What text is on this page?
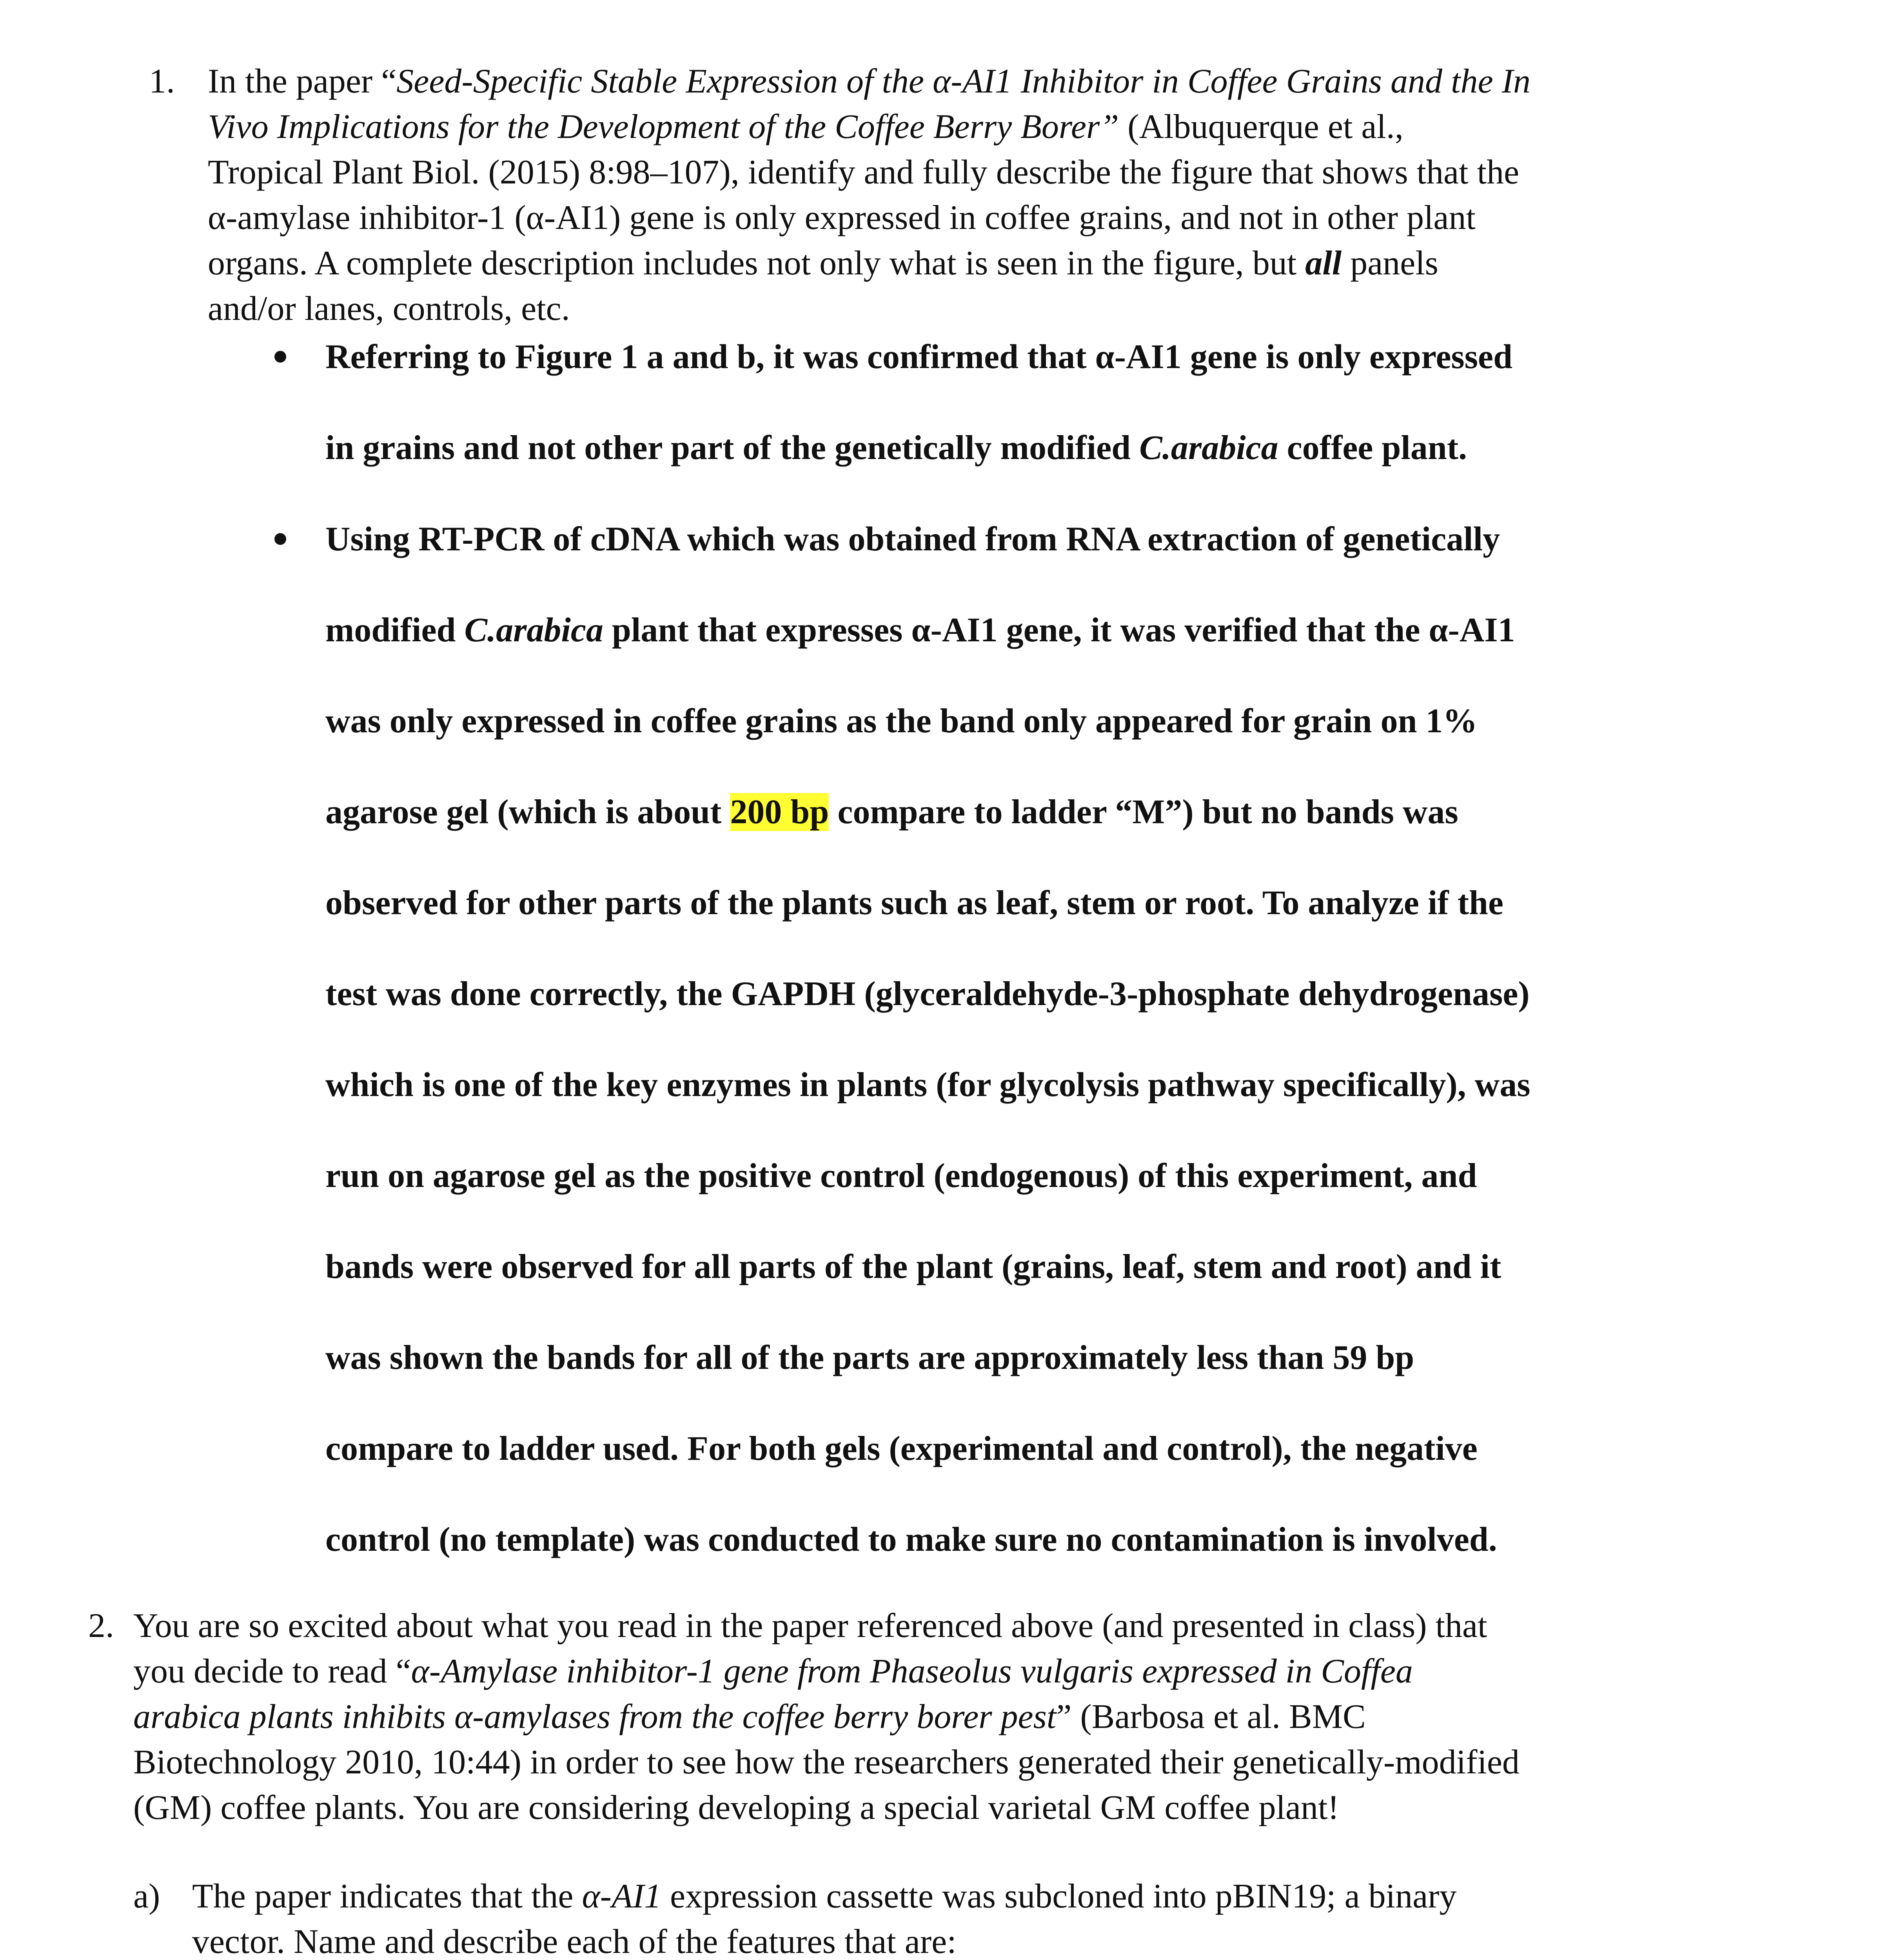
1. In the paper “Seed-Specific Stable Expression of the α-AI1 Inhibitor in Coffee Grains and the In
Vivo Implications for the Development of the Coffee Berry Borer” (Albuquerque et al.,
Tropical Plant Biol. (2015) 8:98–107), identify and fully describe the figure that shows that the
α-amylase inhibitor-1 (α-AI1) gene is only expressed in coffee grains, and not in other plant
organs. A complete description includes not only what is seen in the figure, but all panels
and/or lanes, controls, etc.
Referring to Figure 1 a and b, it was confirmed that α-AI1 gene is only expressed
in grains and not other part of the genetically modified C.arabica coffee plant.
Using RT-PCR of cDNA which was obtained from RNA extraction of genetically
modified C.arabica plant that expresses α-AI1 gene, it was verified that the α-AI1
was only expressed in coffee grains as the band only appeared for grain on 1%
agarose gel (which is about 200 bp compare to ladder “M”) but no bands was
observed for other parts of the plants such as leaf, stem or root. To analyze if the
test was done correctly, the GAPDH (glyceraldehyde-3-phosphate dehydrogenase)
which is one of the key enzymes in plants (for glycolysis pathway specifically), was
run on agarose gel as the positive control (endogenous) of this experiment, and
bands were observed for all parts of the plant (grains, leaf, stem and root) and it
was shown the bands for all of the parts are approximately less than 59 bp
compare to ladder used. For both gels (experimental and control), the negative
control (no template) was conducted to make sure no contamination is involved.
2. You are so excited about what you read in the paper referenced above (and presented in class) that
you decide to read “α-Amylase inhibitor-1 gene from Phaseolus vulgaris expressed in Coffea
arabica plants inhibits α-amylases from the coffee berry borer pest” (Barbosa et al. BMC
Biotechnology 2010, 10:44) in order to see how the researchers generated their genetically-modified
(GM) coffee plants. You are considering developing a special varietal GM coffee plant!
a) The paper indicates that the α-AI1 expression cassette was subcloned into pBIN19; a binary
vector. Name and describe each of the features that are:
